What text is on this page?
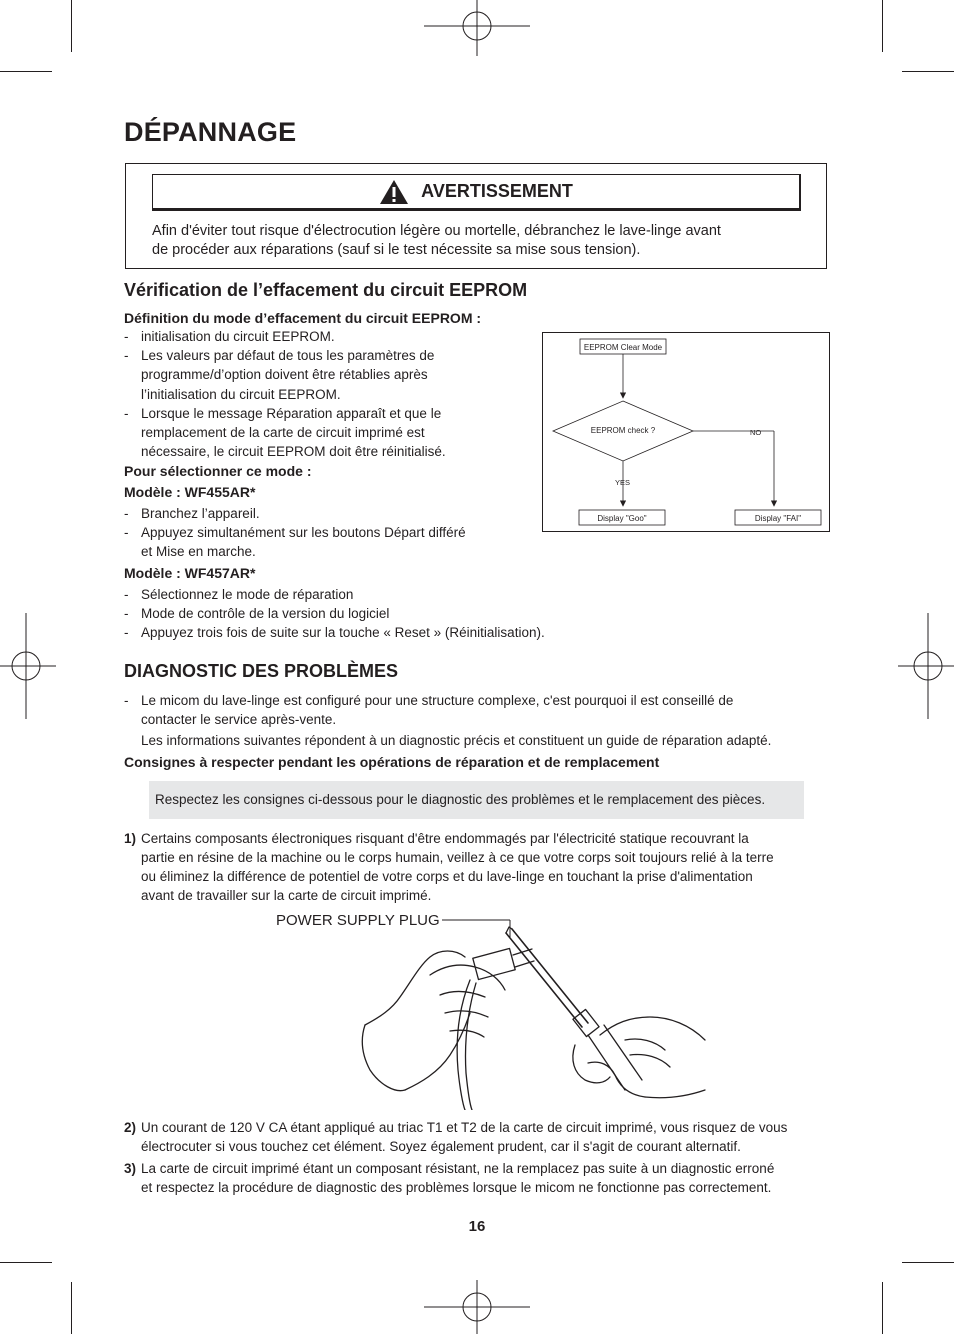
DÉPANNAGE
AVERTISSEMENT
Afin d'éviter tout risque d'électrocution légère ou mortelle, débranchez le lave-linge avant
de procéder aux réparations (sauf si le test nécessite sa mise sous tension).
Vérification de l’effacement du circuit EEPROM
Définition du mode d’effacement du circuit EEPROM :
- initialisation du circuit EEPROM.
- Les valeurs par défaut de tous les paramètres de
programme/d’option doivent être rétablies après
l’initialisation du circuit EEPROM.
- Lorsque le message Réparation apparaît et que le
remplacement de la carte de circuit imprimé est
nécessaire, le circuit EEPROM doit être réinitialisé.
Pour sélectionner ce mode :
Modèle : WF455AR*
- Branchez l’appareil.
- Appuyez simultanément sur les boutons Départ différé
et Mise en marche.
Modèle : WF457AR*
- Sélectionnez le mode de réparation
- Mode de contrôle de la version du logiciel
- Appuyez trois fois de suite sur la touche « Reset » (Réinitialisation).
EEPROM Clear Mode
EEPROM check ?	NO
YES
Display "Goo"	Display "FAI"
DIAGNOSTIC DES PROBLÈMES
- Le micom du lave-linge est configuré pour une structure complexe, c'est pourquoi il est conseillé de
contacter le service après-vente.
Les informations suivantes répondent à un diagnostic précis et constituent un guide de réparation adapté.
Consignes à respecter pendant les opérations de réparation et de remplacement
Respectez les consignes ci-dessous pour le diagnostic des problèmes et le remplacement des pièces.
1) Certains composants électroniques risquant d'être endommagés par l'électricité statique recouvrant la
partie en résine de la machine ou le corps humain, veillez à ce que votre corps soit toujours relié à la terre
ou éliminez la différence de potentiel de votre corps et du lave-linge en touchant la prise d'alimentation
avant de travailler sur la carte de circuit imprimé.
POWER SUPPLY PLUG
2) Un courant de 120 V CA étant appliqué au triac T1 et T2 de la carte de circuit imprimé, vous risquez de vous
électrocuter si vous touchez cet élément. Soyez également prudent, car il s'agit de courant alternatif.
3) La carte de circuit imprimé étant un composant résistant, ne la remplacez pas suite à un diagnostic erroné
et respectez la procédure de diagnostic des problèmes lorsque le micom ne fonctionne pas correctement.
16
